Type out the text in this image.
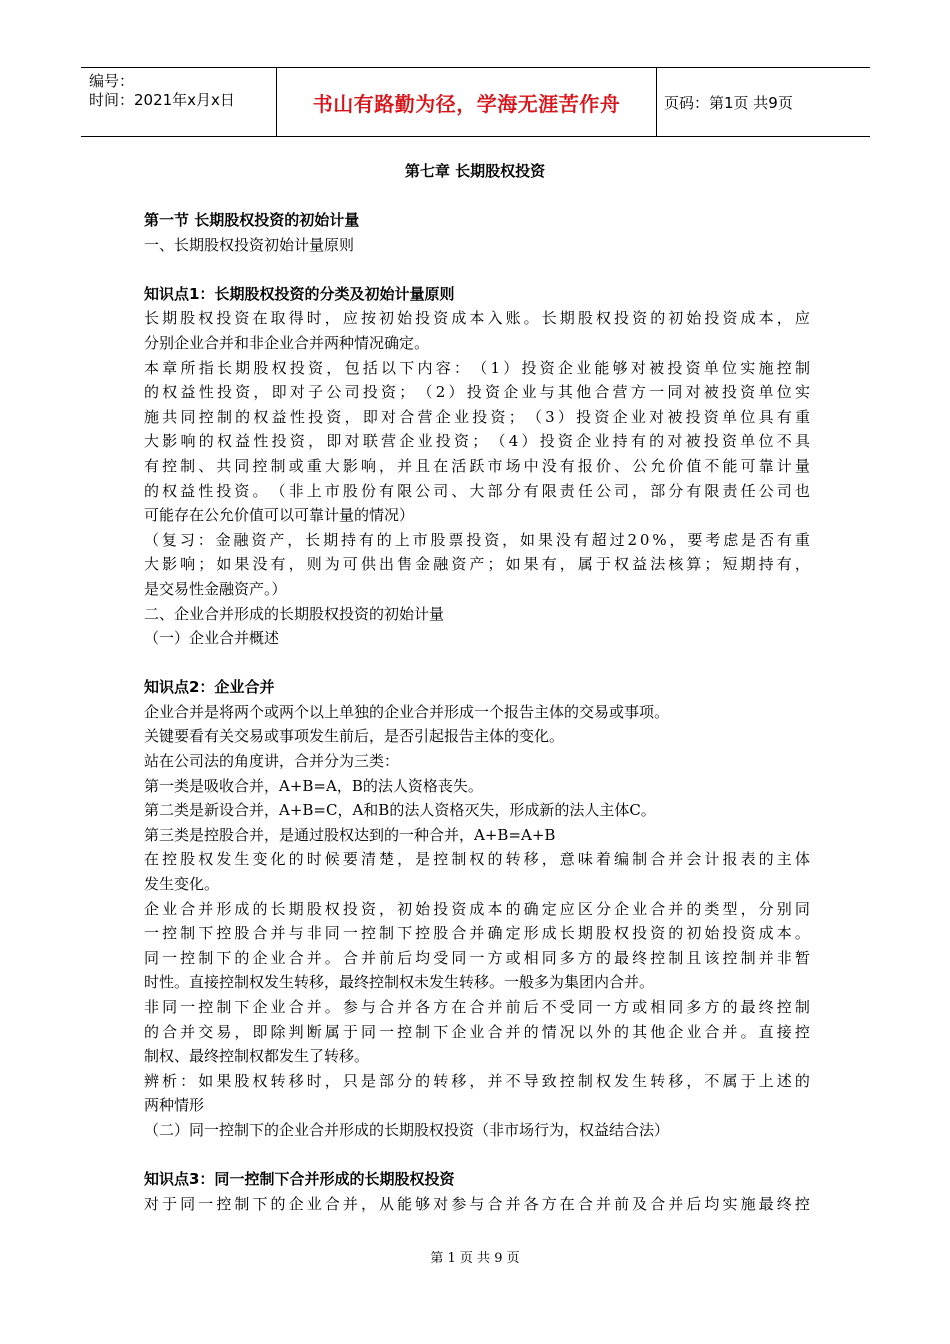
编号：
时间：2021年x月x日	书山有路勤为径，学海无涯苦作舟	页码：第1页 共9页
第七章 长期股权投资
第一节 长期股权投资的初始计量
一、长期股权投资初始计量原则
知识点1：长期股权投资的分类及初始计量原则
长 期 股 权 投 资 在 取 得 时 ， 应 按 初 始 投 资 成 本 入 账 。 长 期 股 权 投 资 的 初 始 投 资 成 本 ， 应
分别企业合并和非企业合并两种情况确定。
本 章 所 指 长 期 股 权 投 资 ， 包 括 以 下 内 容 ： （ 1 ） 投 资 企 业 能 够 对 被 投 资 单 位 实 施 控 制
的 权 益 性 投 资 ， 即 对 子 公 司 投 资 ； （ 2 ） 投 资 企 业 与 其 他 合 营 方 一 同 对 被 投 资 单 位 实
施 共 同 控 制 的 权 益 性 投 资 ， 即 对 合 营 企 业 投 资 ； （ 3 ） 投 资 企 业 对 被 投 资 单 位 具 有 重
大 影 响 的 权 益 性 投 资 ， 即 对 联 营 企 业 投 资 ； （ 4 ） 投 资 企 业 持 有 的 对 被 投 资 单 位 不 具
有 控 制 、 共 同 控 制 或 重 大 影 响 ， 并 且 在 活 跃 市 场 中 没 有 报 价 、 公 允 价 值 不 能 可 靠 计 量
的 权 益 性 投 资 。 （ 非 上 市 股 份 有 限 公 司 、 大 部 分 有 限 责 任 公 司 ， 部 分 有 限 责 任 公 司 也
可能存在公允价值可以可靠计量的情况）
（ 复 习 ： 金 融 资 产 ， 长 期 持 有 的 上 市 股 票 投 资 ， 如 果 没 有 超 过 2 0 % ， 要 考 虑 是 否 有 重
大 影 响 ； 如 果 没 有 ， 则 为 可 供 出 售 金 融 资 产 ； 如 果 有 ， 属 于 权 益 法 核 算 ； 短 期 持 有 ，
是交易性金融资产。）
二、企业合并形成的长期股权投资的初始计量
（一）企业合并概述
知识点2：企业合并
企业合并是将两个或两个以上单独的企业合并形成一个报告主体的交易或事项。
关键要看有关交易或事项发生前后，是否引起报告主体的变化。
站在公司法的角度讲，合并分为三类：
第一类是吸收合并，A+B=A，B的法人资格丧失。
第二类是新设合并，A+B=C，A和B的法人资格灭失，形成新的法人主体C。
第三类是控股合并，是通过股权达到的一种合并，A+B=A+B
在 控 股 权 发 生 变 化 的 时 候 要 清 楚 ， 是 控 制 权 的 转 移 ， 意 味 着 编 制 合 并 会 计 报 表 的 主 体
发生变化。
企 业 合 并 形 成 的 长 期 股 权 投 资 ， 初 始 投 资 成 本 的 确 定 应 区 分 企 业 合 并 的 类 型 ， 分 别 同
一 控 制 下 控 股 合 并 与 非 同 一 控 制 下 控 股 合 并 确 定 形 成 长 期 股 权 投 资 的 初 始 投 资 成 本 。
同 一 控 制 下 的 企 业 合 并 。 合 并 前 后 均 受 同 一 方 或 相 同 多 方 的 最 终 控 制 且 该 控 制 并 非 暂
时性。直接控制权发生转移，最终控制权未发生转移。一般多为集团内合并。
非 同 一 控 制 下 企 业 合 并 。 参 与 合 并 各 方 在 合 并 前 后 不 受 同 一 方 或 相 同 多 方 的 最 终 控 制
的 合 并 交 易 ， 即 除 判 断 属 于 同 一 控 制 下 企 业 合 并 的 情 况 以 外 的 其 他 企 业 合 并 。 直 接 控
制权、最终控制权都发生了转移。
辨 析 ： 如 果 股 权 转 移 时 ， 只 是 部 分 的 转 移 ， 并 不 导 致 控 制 权 发 生 转 移 ， 不 属 于 上 述 的
两种情形
（二）同一控制下的企业合并形成的长期股权投资（非市场行为，权益结合法）
知识点3：同一控制下合并形成的长期股权投资
对 于 同 一 控 制 下 的 企 业 合 并 ， 从 能 够 对 参 与 合 并 各 方 在 合 并 前 及 合 并 后 均 实 施 最 终 控
第 1 页 共 9 页
